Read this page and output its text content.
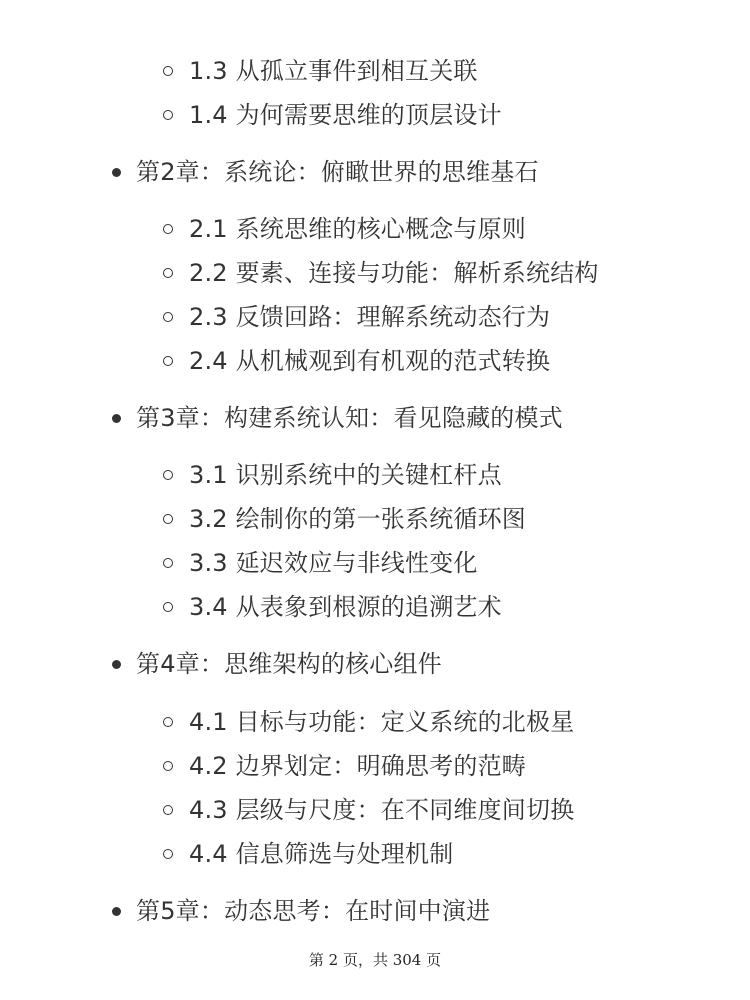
1.3 从孤立事件到相互关联
1.4 为何需要思维的顶层设计
第2章：系统论：俯瞰世界的思维基石
2.1 系统思维的核心概念与原则
2.2 要素、连接与功能：解析系统结构
2.3 反馈回路：理解系统动态行为
2.4 从机械观到有机观的范式转换
第3章：构建系统认知：看见隐藏的模式
3.1 识别系统中的关键杠杆点
3.2 绘制你的第一张系统循环图
3.3 延迟效应与非线性变化
3.4 从表象到根源的追溯艺术
第4章：思维架构的核心组件
4.1 目标与功能：定义系统的北极星
4.2 边界划定：明确思考的范畴
4.3 层级与尺度：在不同维度间切换
4.4 信息筛选与处理机制
第5章：动态思考：在时间中演进
第 2 页，共 304 页
